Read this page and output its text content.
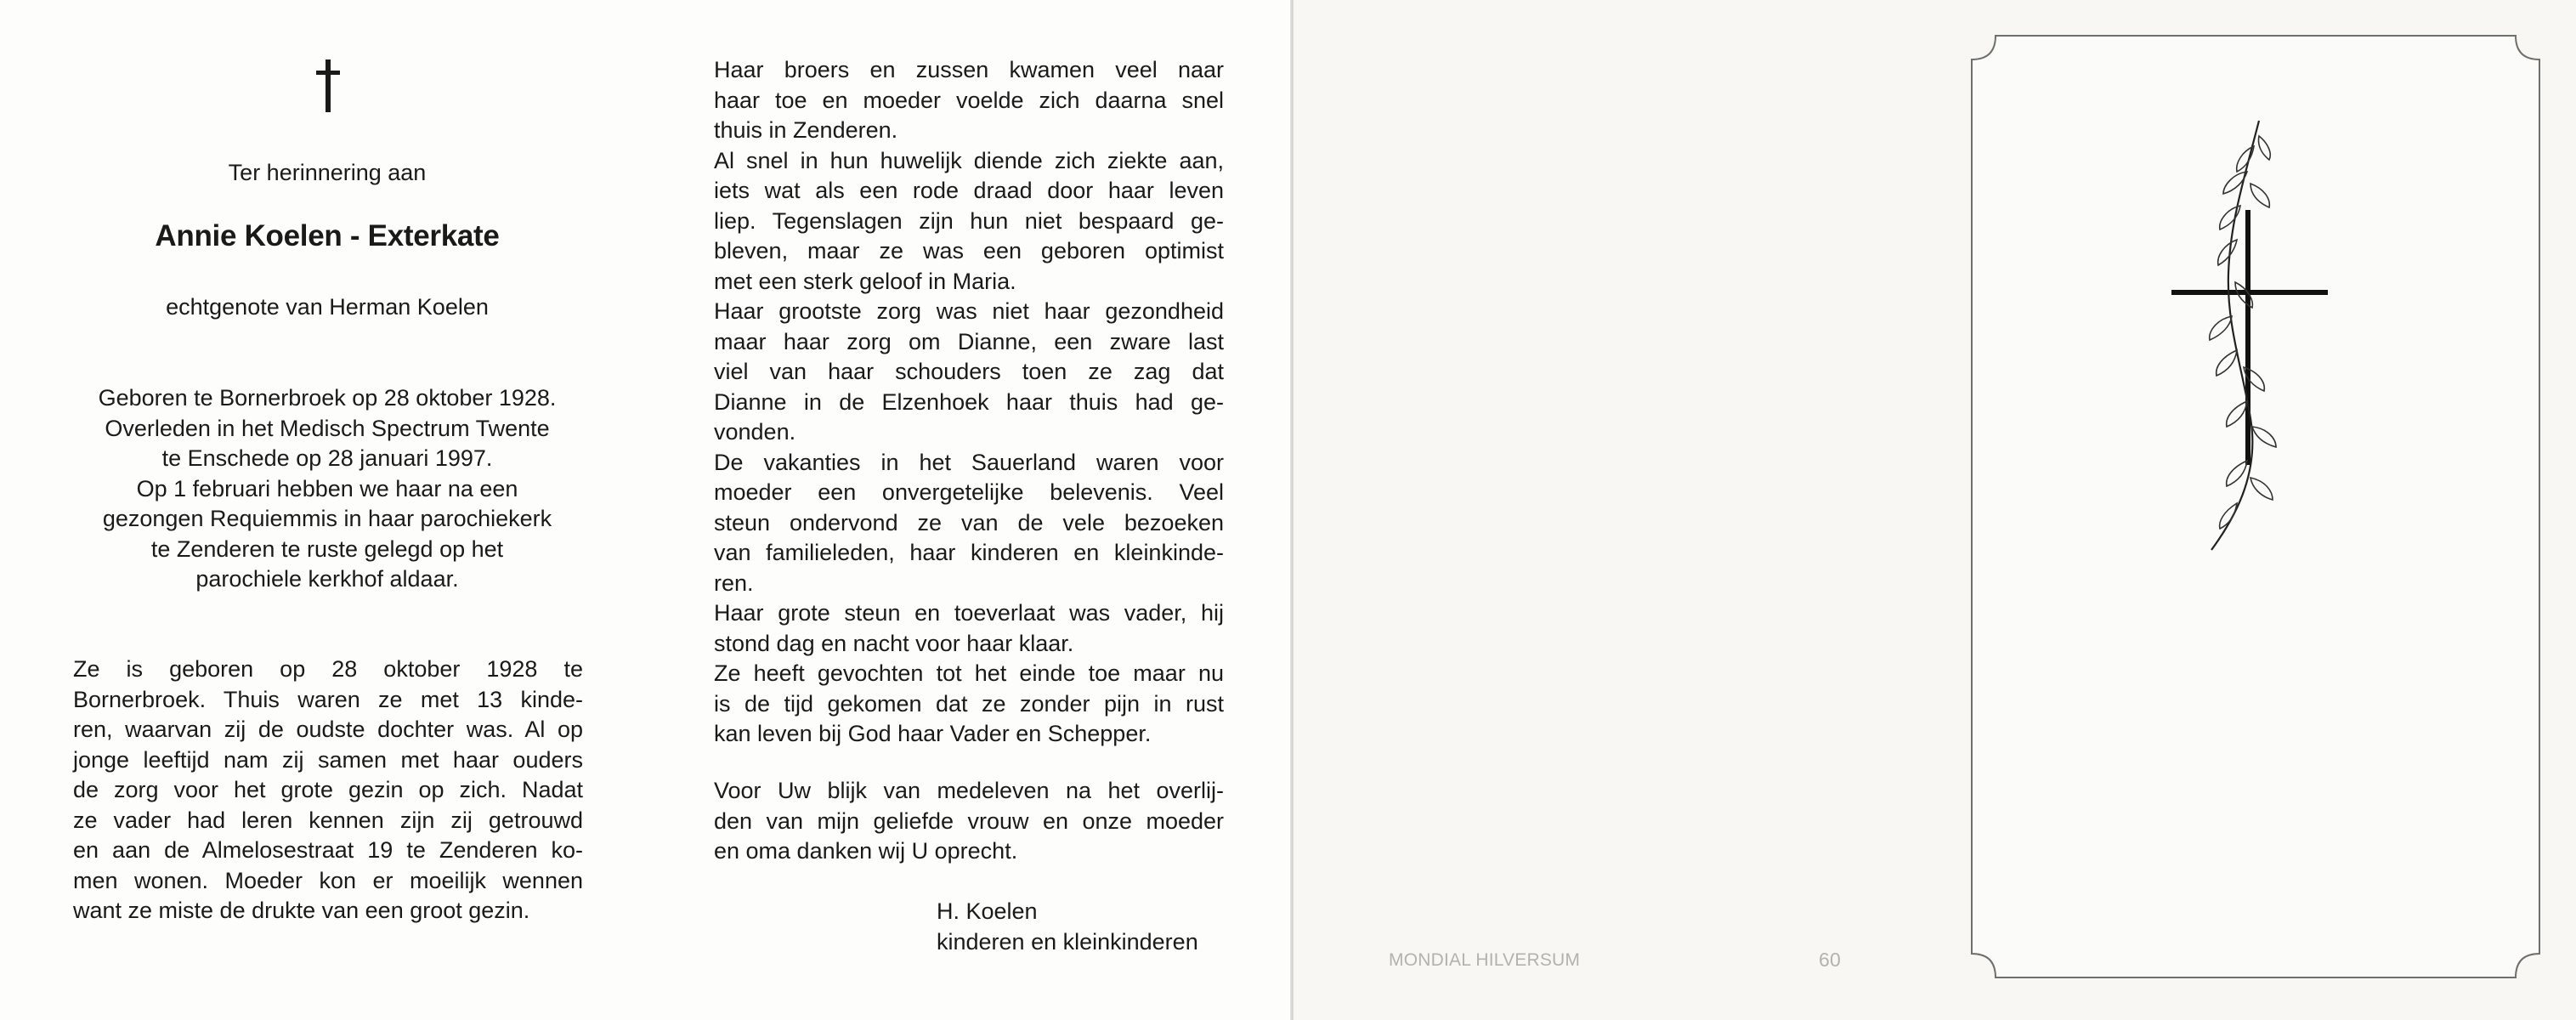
Ter herinnering aan
Annie Koelen - Exterkate
echtgenote van Herman Koelen
Geboren te Bornerbroek op 28 oktober 1928.
Overleden in het Medisch Spectrum Twente
te Enschede op 28 januari 1997.
Op 1 februari hebben we haar na een
gezongen Requiemmis in haar parochiekerk
te Zenderen te ruste gelegd op het
parochiele kerkhof aldaar.
Ze is geboren op 28 oktober 1928 te
Bornerbroek. Thuis waren ze met 13 kinde-
ren, waarvan zij de oudste dochter was. Al op
jonge leeftijd nam zij samen met haar ouders
de zorg voor het grote gezin op zich. Nadat
ze vader had leren kennen zijn zij getrouwd
en aan de Almelosestraat 19 te Zenderen ko-
men wonen. Moeder kon er moeilijk wennen
want ze miste de drukte van een groot gezin.
Haar broers en zussen kwamen veel naar
haar toe en moeder voelde zich daarna snel
thuis in Zenderen.
Al snel in hun huwelijk diende zich ziekte aan,
iets wat als een rode draad door haar leven
liep. Tegenslagen zijn hun niet bespaard ge-
bleven, maar ze was een geboren optimist
met een sterk geloof in Maria.
Haar grootste zorg was niet haar gezondheid
maar haar zorg om Dianne, een zware last
viel van haar schouders toen ze zag dat
Dianne in de Elzenhoek haar thuis had ge-
vonden.
De vakanties in het Sauerland waren voor
moeder een onvergetelijke belevenis. Veel
steun ondervond ze van de vele bezoeken
van familieleden, haar kinderen en kleinkinde-
ren.
Haar grote steun en toeverlaat was vader, hij
stond dag en nacht voor haar klaar.
Ze heeft gevochten tot het einde toe maar nu
is de tijd gekomen dat ze zonder pijn in rust
kan leven bij God haar Vader en Schepper.
Voor Uw blijk van medeleven na het overlij-
den van mijn geliefde vrouw en onze moeder
en oma danken wij U oprecht.
H. Koelen
kinderen en kleinkinderen
MONDIAL HILVERSUM	60
